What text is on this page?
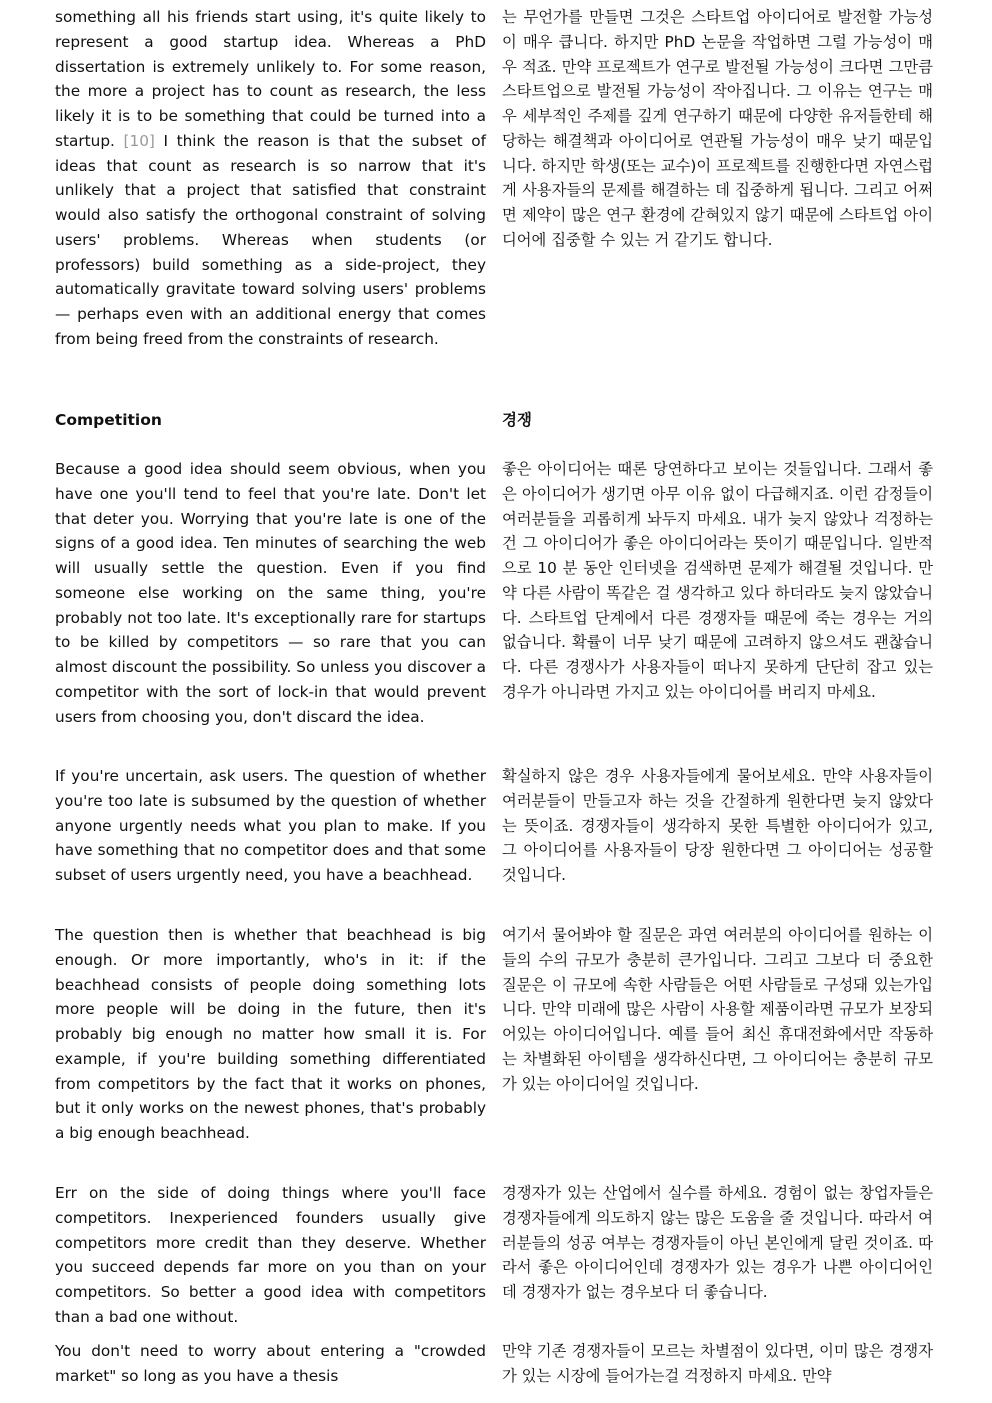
something all his friends start using, it's quite likely to represent a good startup idea. Whereas a PhD dissertation is extremely unlikely to. For some reason, the more a project has to count as research, the less likely it is to be something that could be turned into a startup. [10] I think the reason is that the subset of ideas that count as research is so narrow that it's unlikely that a project that satisfied that constraint would also satisfy the orthogonal constraint of solving users' problems. Whereas when students (or professors) build something as a side-project, they automatically gravitate toward solving users' problems — perhaps even with an additional energy that comes from being freed from the constraints of research.

Competition

Because a good idea should seem obvious, when you have one you'll tend to feel that you're late. Don't let that deter you. Worrying that you're late is one of the signs of a good idea. Ten minutes of searching the web will usually settle the question. Even if you find someone else working on the same thing, you're probably not too late. It's exceptionally rare for startups to be killed by competitors — so rare that you can almost discount the possibility. So unless you discover a competitor with the sort of lock-in that would prevent users from choosing you, don't discard the idea.

If you're uncertain, ask users. The question of whether you're too late is subsumed by the question of whether anyone urgently needs what you plan to make. If you have something that no competitor does and that some subset of users urgently need, you have a beachhead.

The question then is whether that beachhead is big enough. Or more importantly, who's in it: if the beachhead consists of people doing something lots more people will be doing in the future, then it's probably big enough no matter how small it is. For example, if you're building something differentiated from competitors by the fact that it works on phones, but it only works on the newest phones, that's probably a big enough beachhead.

Err on the side of doing things where you'll face competitors. Inexperienced founders usually give competitors more credit than they deserve. Whether you succeed depends far more on you than on your competitors. So better a good idea with competitors than a bad one without.

You don't need to worry about entering a "crowded market" so long as you have a thesis

는 무언가를 만들면 그것은 스타트업 아이디어로 발전할 가능성이 매우 큽니다. 하지만 PhD 논문을 작업하면 그럴 가능성이 매우 적죠. 만약 프로젝트가 연구로 발전될 가능성이 크다면 그만큼 스타트업으로 발전될 가능성이 작아집니다. 그 이유는 연구는 매우 세부적인 주제를 깊게 연구하기 때문에 다양한 유저들한테 해당하는 해결책과 아이디어로 연관될 가능성이 매우 낮기 때문입니다. 하지만 학생(또는 교수)이 프로젝트를 진행한다면 자연스럽게 사용자들의 문제를 해결하는 데 집중하게 됩니다. 그리고 어쩌면 제약이 많은 연구 환경에 갇혀있지 않기 때문에 스타트업 아이디어에 집중할 수 있는 거 같기도 합니다.

경쟁

좋은 아이디어는 때론 당연하다고 보이는 것들입니다. 그래서 좋은 아이디어가 생기면 아무 이유 없이 다급해지죠. 이런 감정들이 여러분들을 괴롭히게 놔두지 마세요. 내가 늦지 않았나 걱정하는 건 그 아이디어가 좋은 아이디어라는 뜻이기 때문입니다. 일반적으로 10 분 동안 인터넷을 검색하면 문제가 해결될 것입니다. 만약 다른 사람이 똑같은 걸 생각하고 있다 하더라도 늦지 않았습니다. 스타트업 단계에서 다른 경쟁자들 때문에 죽는 경우는 거의 없습니다. 확률이 너무 낮기 때문에 고려하지 않으셔도 괜찮습니다. 다른 경쟁사가 사용자들이 떠나지 못하게 단단히 잡고 있는 경우가 아니라면 가지고 있는 아이디어를 버리지 마세요.

확실하지 않은 경우 사용자들에게 물어보세요. 만약 사용자들이 여러분들이 만들고자 하는 것을 간절하게 원한다면 늦지 않았다는 뜻이죠. 경쟁자들이 생각하지 못한 특별한 아이디어가 있고, 그 아이디어를 사용자들이 당장 원한다면 그 아이디어는 성공할 것입니다.

여기서 물어봐야 할 질문은 과연 여러분의 아이디어를 원하는 이들의 수의 규모가 충분히 큰가입니다. 그리고 그보다 더 중요한 질문은 이 규모에 속한 사람들은 어떤 사람들로 구성돼 있는가입니다. 만약 미래에 많은 사람이 사용할 제품이라면 규모가 보장되어있는 아이디어입니다. 예를 들어 최신 휴대전화에서만 작동하는 차별화된 아이템을 생각하신다면, 그 아이디어는 충분히 규모가 있는 아이디어일 것입니다.

경쟁자가 있는 산업에서 실수를 하세요. 경험이 없는 창업자들은 경쟁자들에게 의도하지 않는 많은 도움을 줄 것입니다. 따라서 여러분들의 성공 여부는 경쟁자들이 아닌 본인에게 달린 것이죠. 따라서 좋은 아이디어인데 경쟁자가 있는 경우가 나쁜 아이디어인데 경쟁자가 없는 경우보다 더 좋습니다.

만약 기존 경쟁자들이 모르는 차별점이 있다면, 이미 많은 경쟁자가 있는 시장에 들어가는걸 걱정하지 마세요. 만약
